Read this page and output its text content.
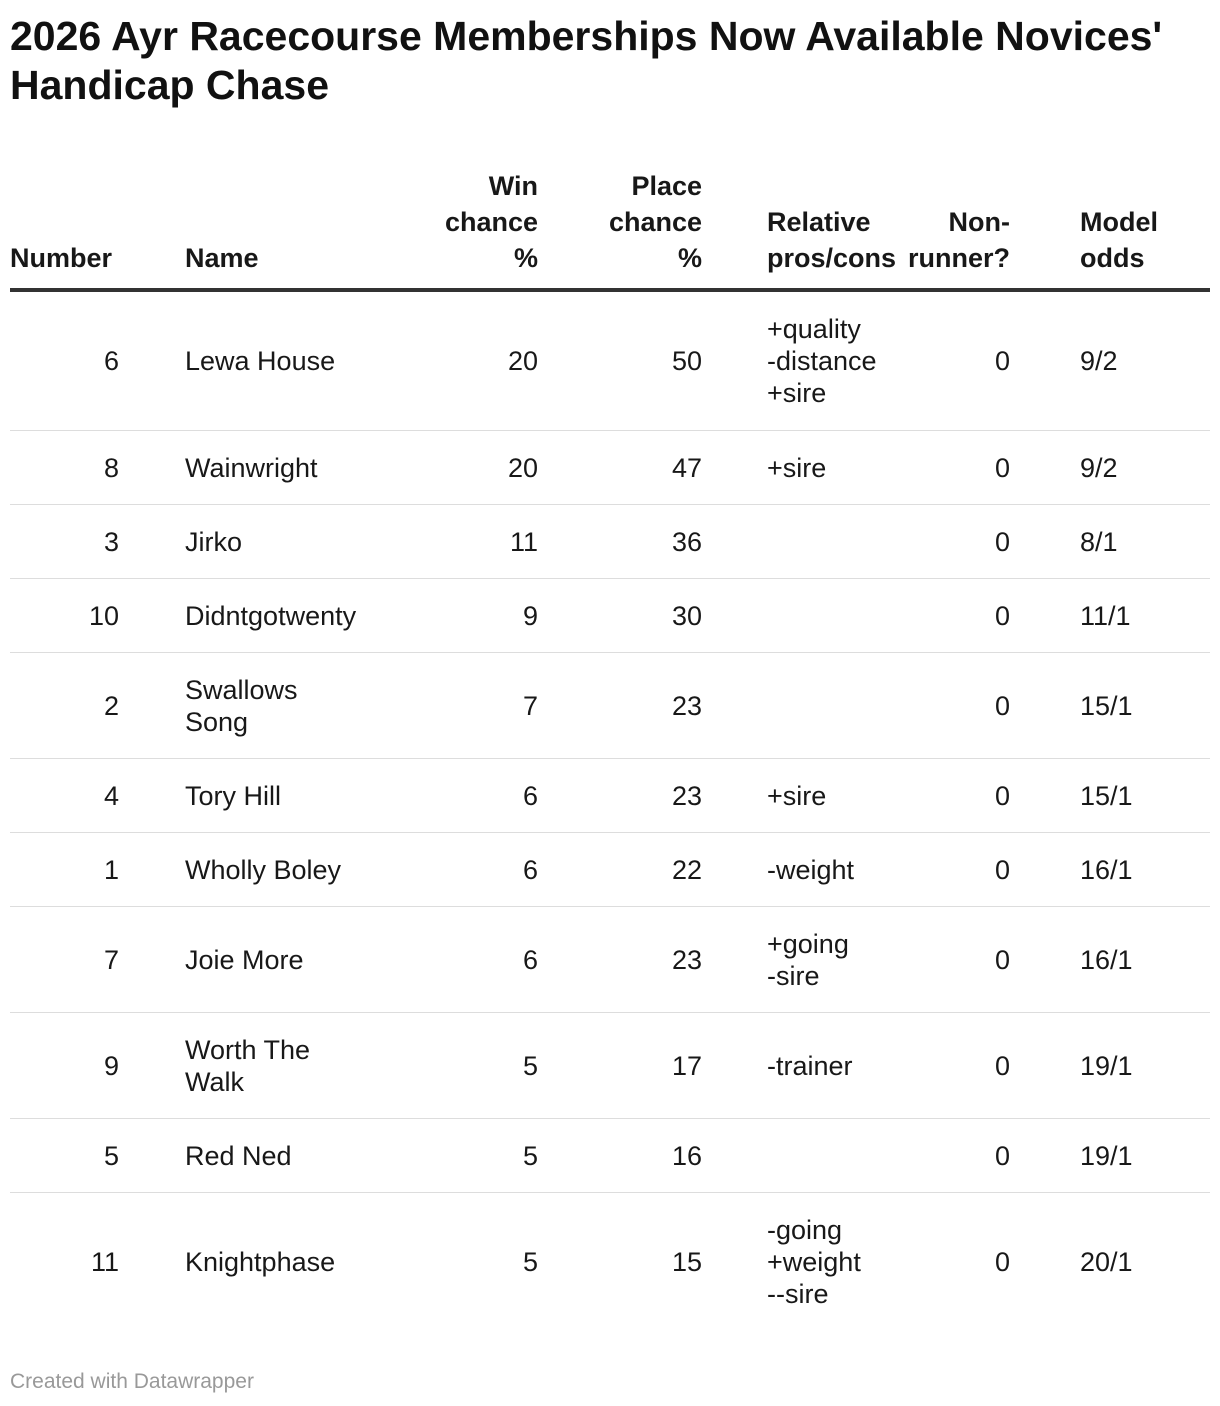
2026 Ayr Racecourse Memberships Now Available Novices' Handicap Chase
Number	Name	Win
chance
%	Place
chance
%	Relative
pros/cons	Non-
runner?	Model
odds
6	Lewa House	20	50	+quality
-distance
+sire	0	9/2
8	Wainwright	20	47	+sire	0	9/2
3	Jirko	11	36		0	8/1
10	Didntgotwenty	9	30		0	11/1
2	Swallows
Song	7	23		0	15/1
4	Tory Hill	6	23	+sire	0	15/1
1	Wholly Boley	6	22	-weight	0	16/1
7	Joie More	6	23	+going
-sire	0	16/1
9	Worth The
Walk	5	17	-trainer	0	19/1
5	Red Ned	5	16		0	19/1
11	Knightphase	5	15	-going
+weight
--sire	0	20/1
Created with Datawrapper
